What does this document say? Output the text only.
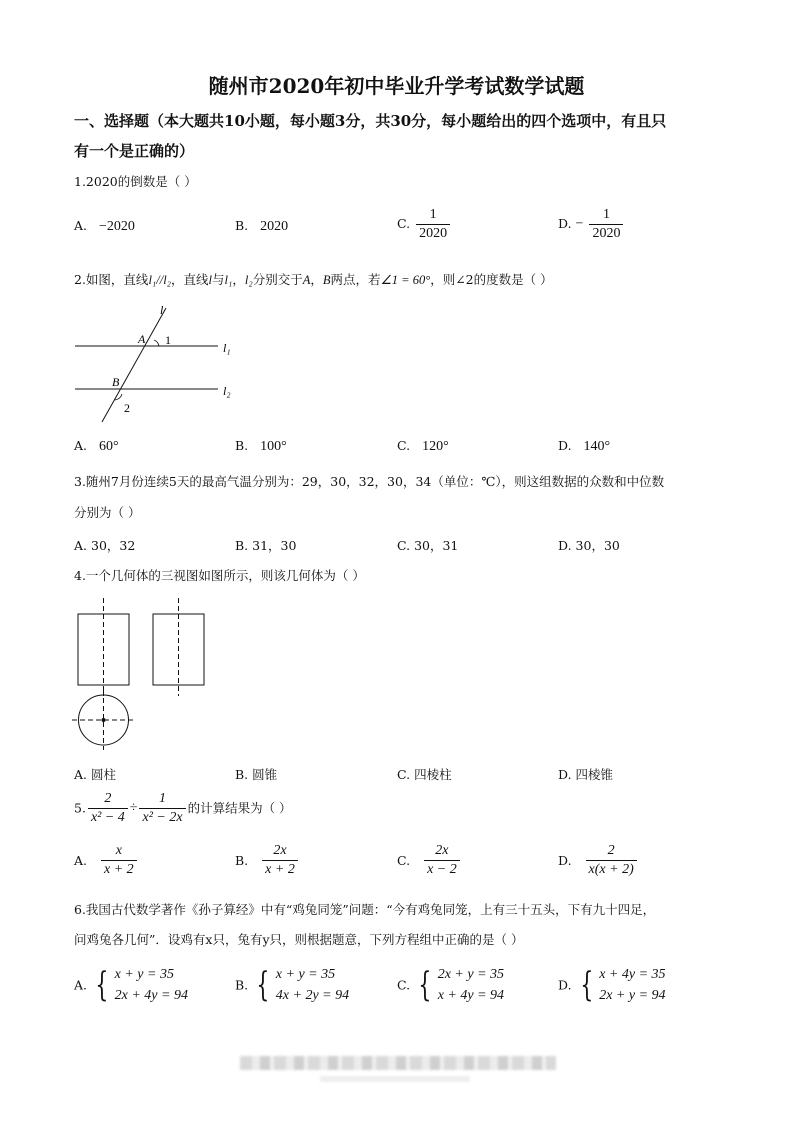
随州市2020年初中毕业升学考试数学试题
一、选择题（本大题共10小题，每小题3分，共30分，每小题给出的四个选项中，有且只
有一个是正确的）
1.2020的倒数是（ ）
A. −2020	B. 2020	C. $\frac{1}{2020}$	D. − $\frac{1}{2020}$
2.如图，直线l₁//l₂，直线l与l₁，l₂分别交于A，B两点，若∠1 = 60°，则∠2的度数是（ ）
l
A 1
l₁
B
2
l₂
A. 60°	B. 100°	C. 120°	D. 140°
3.随州7月份连续5天的最高气温分别为：29，30，32，30，34（单位：℃），则这组数据的众数和中位数
分别为（ ）
A. 30，32	B. 31，30	C. 30，31	D. 30，30
4.一个几何体的三视图如图所示，则该几何体为（ ）
A. 圆柱	B. 圆锥	C. 四棱柱	D. 四棱锥
5. $\frac{2}{\text{x² − 4}} \div \frac{1}{\text{x² − 2x}}$ 的计算结果为（ ）
A. $\frac{x}{x + 2}$	B. $\frac{2x}{x + 2}$	C. $\frac{2x}{x - 2}$	D. $\frac{2}{x(x + 2)}$
6.我国古代数学著作《孙子算经》中有“鸡兔同笼”问题：“今有鸡兔同笼，上有三十五头，下有九十四足，
问鸡兔各几何”．设鸡有x只，兔有y只，则根据题意，下列方程组中正确的是（ ）
A. { x + y = 35
2x + 4y = 94
B. { x + y = 35
4x + 2y = 94
C. { 2x + y = 35
x + 4y = 94
D. { x + 4y = 35
2x + y = 94
